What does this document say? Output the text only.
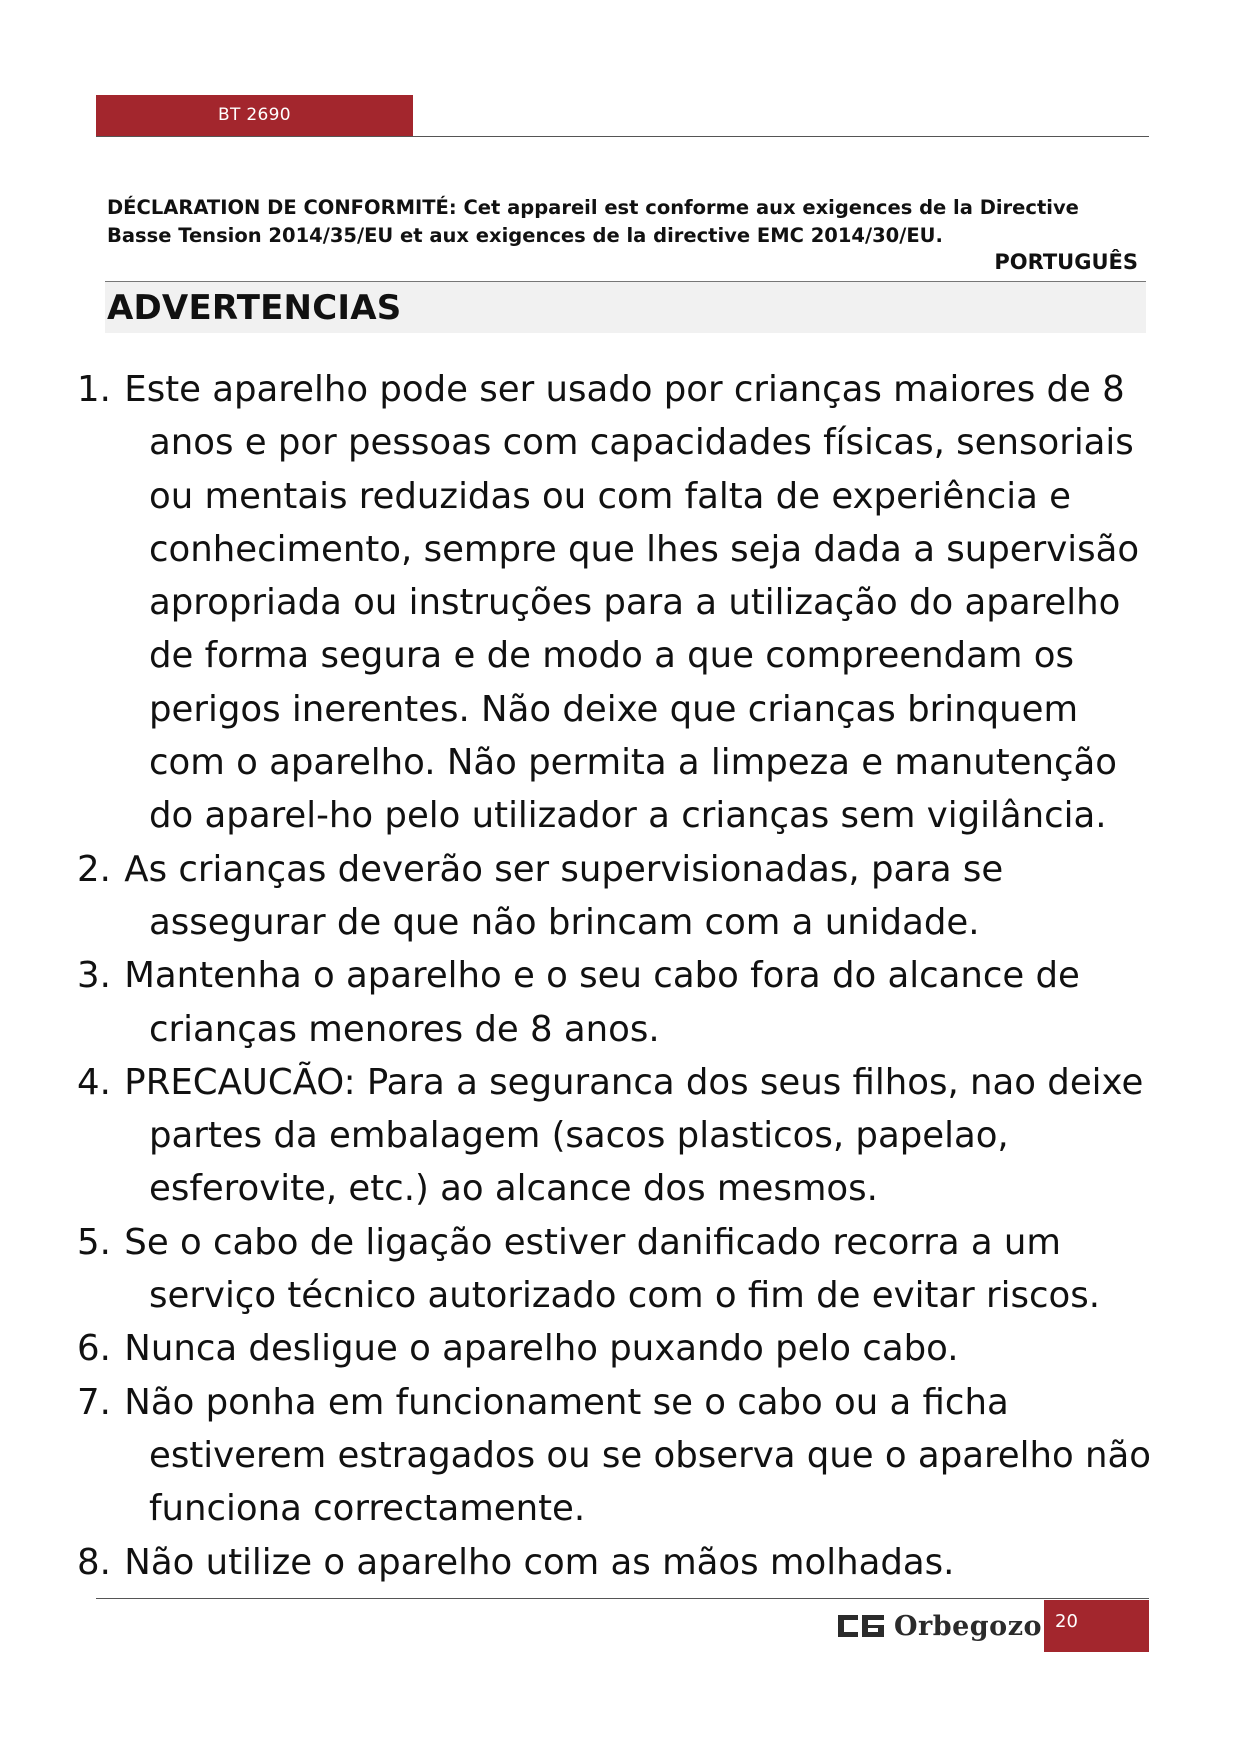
BT 2690
DÉCLARATION DE CONFORMITÉ: Cet appareil est conforme aux exigences de la Directive Basse Tension 2014/35/EU et aux exigences de la directive EMC 2014/30/EU.
PORTUGUÊS
ADVERTENCIAS
1. Este aparelho pode ser usado por crianças maiores de 8 anos e por pessoas com capacidades físicas, sensoriais ou mentais reduzidas ou com falta de experiência e conhecimento, sempre que lhes seja dada a supervisão apropriada ou instruções para a utilização do aparelho de forma segura e de modo a que compreendam os perigos inerentes. Não deixe que crianças brinquem com o aparelho. Não permita a limpeza e manutenção do aparel-ho pelo utilizador a crianças sem vigilância.
2. As crianças deverão ser supervisionadas, para se assegurar de que não brincam com a unidade.
3. Mantenha o aparelho e o seu cabo fora do alcance de crianças menores de 8 anos.
4. PRECAUCÃO: Para a seguranca dos seus filhos, nao deixe partes da embalagem (sacos plasticos, papelao, esferovite, etc.) ao alcance dos mesmos.
5. Se o cabo de ligação estiver danificado recorra a um serviço técnico autorizado com o fim de evitar riscos.
6. Nunca desligue o aparelho puxando pelo cabo.
7. Não ponha em funcionament se o cabo ou a ficha estiverem estragados ou se observa que o aparelho não funciona correctamente.
8. Não utilize o aparelho com as mãos molhadas.
Orbegozo 20
